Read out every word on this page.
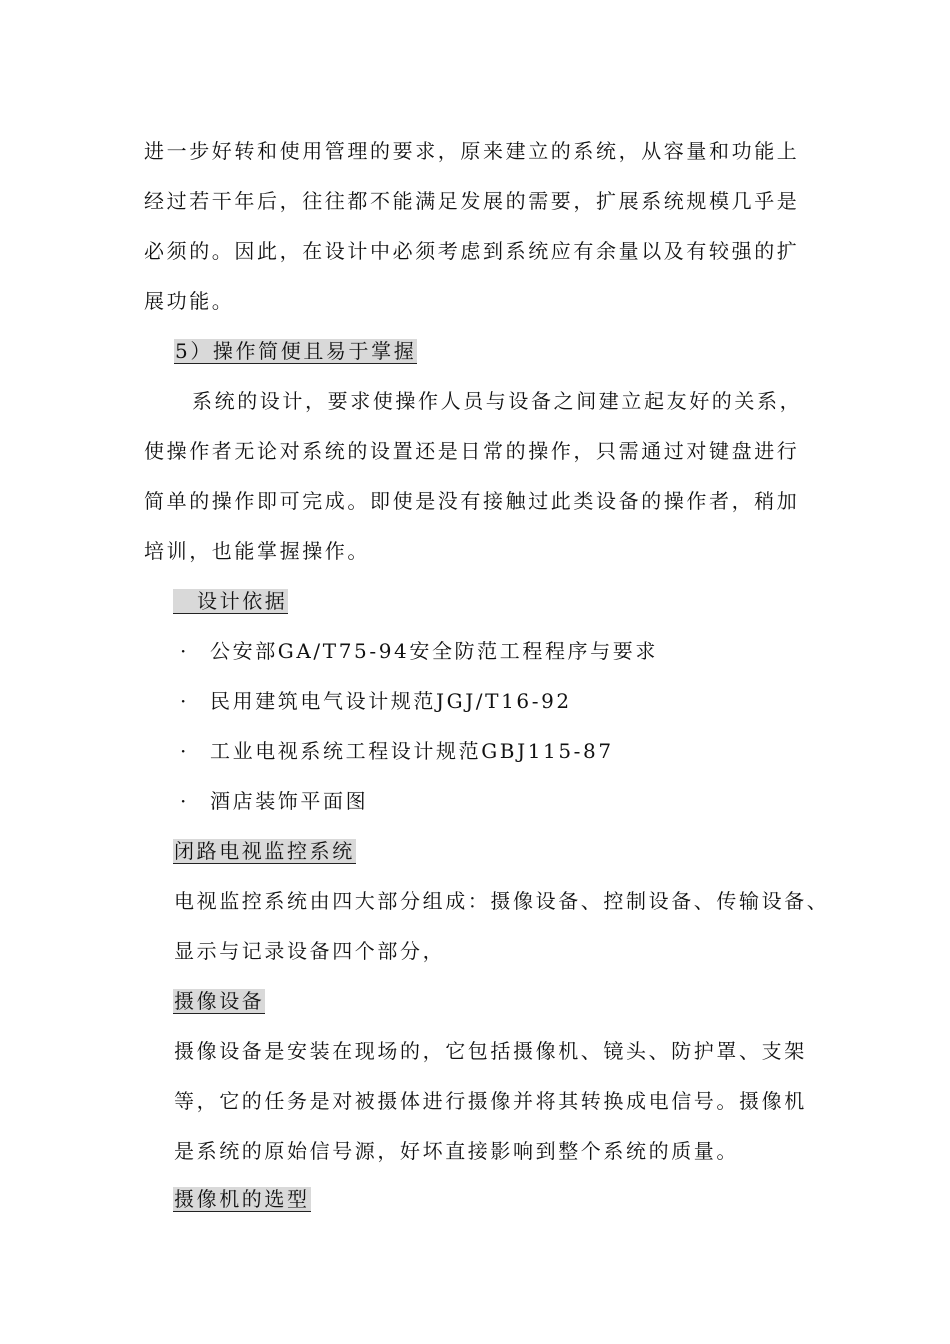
进一步好转和使用管理的要求，原来建立的系统，从容量和功能上
经过若干年后，往往都不能满足发展的需要，扩展系统规模几乎是
必须的。因此，在设计中必须考虑到系统应有余量以及有较强的扩
展功能。
5）操作简便且易于掌握
系统的设计，要求使操作人员与设备之间建立起友好的关系，
使操作者无论对系统的设置还是日常的操作，只需通过对键盘进行
简单的操作即可完成。即使是没有接触过此类设备的操作者，稍加
培训，也能掌握操作。
设计依据
· 公安部GA/T75-94安全防范工程程序与要求
· 民用建筑电气设计规范JGJ/T16-92
· 工业电视系统工程设计规范GBJ115-87
· 酒店装饰平面图
闭路电视监控系统
电视监控系统由四大部分组成：摄像设备、控制设备、传输设备、
显示与记录设备四个部分，
摄像设备
摄像设备是安装在现场的，它包括摄像机、镜头、防护罩、支架
等，它的任务是对被摄体进行摄像并将其转换成电信号。摄像机
是系统的原始信号源，好坏直接影响到整个系统的质量。
摄像机的选型
